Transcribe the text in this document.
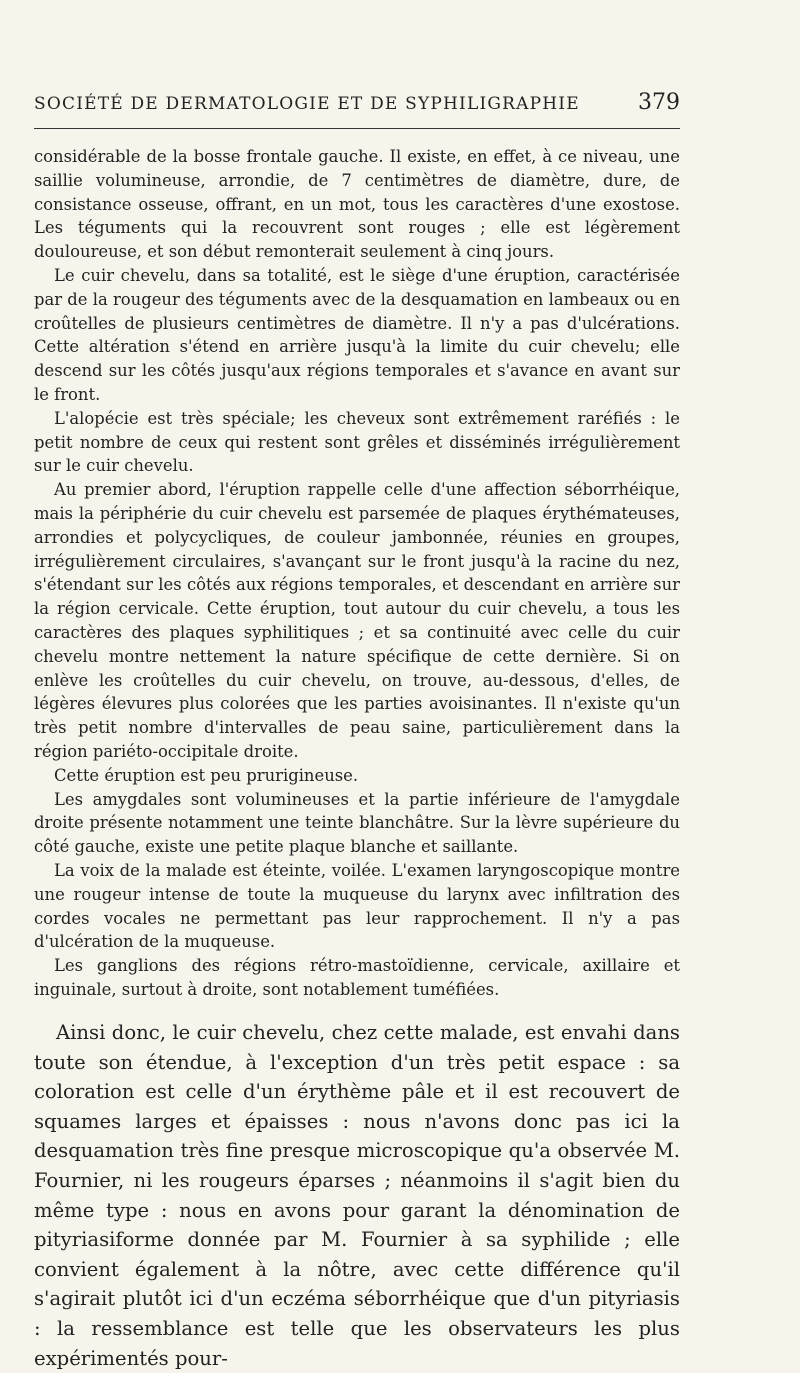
SOCIÉTÉ DE DERMATOLOGIE ET DE SYPHILIGRAPHIE	379

considérable de la bosse frontale gauche. Il existe, en effet, à ce niveau, une saillie volumineuse, arrondie, de 7 centimètres de diamètre, dure, de consistance osseuse, offrant, en un mot, tous les caractères d'une exostose. Les téguments qui la recouvrent sont rouges ; elle est légèrement douloureuse, et son début remonterait seulement à cinq jours.

Le cuir chevelu, dans sa totalité, est le siège d'une éruption, caractérisée par de la rougeur des téguments avec de la desquamation en lambeaux ou en croûtelles de plusieurs centimètres de diamètre. Il n'y a pas d'ulcérations. Cette altération s'étend en arrière jusqu'à la limite du cuir chevelu; elle descend sur les côtés jusqu'aux régions temporales et s'avance en avant sur le front.

L'alopécie est très spéciale; les cheveux sont extrêmement raréfiés : le petit nombre de ceux qui restent sont grêles et disséminés irrégulièrement sur le cuir chevelu.

Au premier abord, l'éruption rappelle celle d'une affection séborrhéique, mais la périphérie du cuir chevelu est parsemée de plaques érythémateuses, arrondies et polycycliques, de couleur jambonnée, réunies en groupes, irrégulièrement circulaires, s'avançant sur le front jusqu'à la racine du nez, s'étendant sur les côtés aux régions temporales, et descendant en arrière sur la région cervicale. Cette éruption, tout autour du cuir chevelu, a tous les caractères des plaques syphilitiques ; et sa continuité avec celle du cuir chevelu montre nettement la nature spécifique de cette dernière. Si on enlève les croûtelles du cuir chevelu, on trouve, au-dessous, d'elles, de légères élevures plus colorées que les parties avoisinantes. Il n'existe qu'un très petit nombre d'intervalles de peau saine, particulièrement dans la région pariéto-occipitale droite.

Cette éruption est peu prurigineuse.

Les amygdales sont volumineuses et la partie inférieure de l'amygdale droite présente notamment une teinte blanchâtre. Sur la lèvre supérieure du côté gauche, existe une petite plaque blanche et saillante.

La voix de la malade est éteinte, voilée. L'examen laryngoscopique montre une rougeur intense de toute la muqueuse du larynx avec infiltration des cordes vocales ne permettant pas leur rapprochement. Il n'y a pas d'ulcération de la muqueuse.

Les ganglions des régions rétro-mastoïdienne, cervicale, axillaire et inguinale, surtout à droite, sont notablement tuméfiées.

Ainsi donc, le cuir chevelu, chez cette malade, est envahi dans toute son étendue, à l'exception d'un très petit espace : sa coloration est celle d'un érythème pâle et il est recouvert de squames larges et épaisses : nous n'avons donc pas ici la desquamation très fine presque microscopique qu'a observée M. Fournier, ni les rougeurs éparses ; néanmoins il s'agit bien du même type : nous en avons pour garant la dénomination de pityriasiforme donnée par M. Fournier à sa syphilide ; elle convient également à la nôtre, avec cette différence qu'il s'agirait plutôt ici d'un eczéma séborrhéique que d'un pityriasis : la ressemblance est telle que les observateurs les plus expérimentés pour-
